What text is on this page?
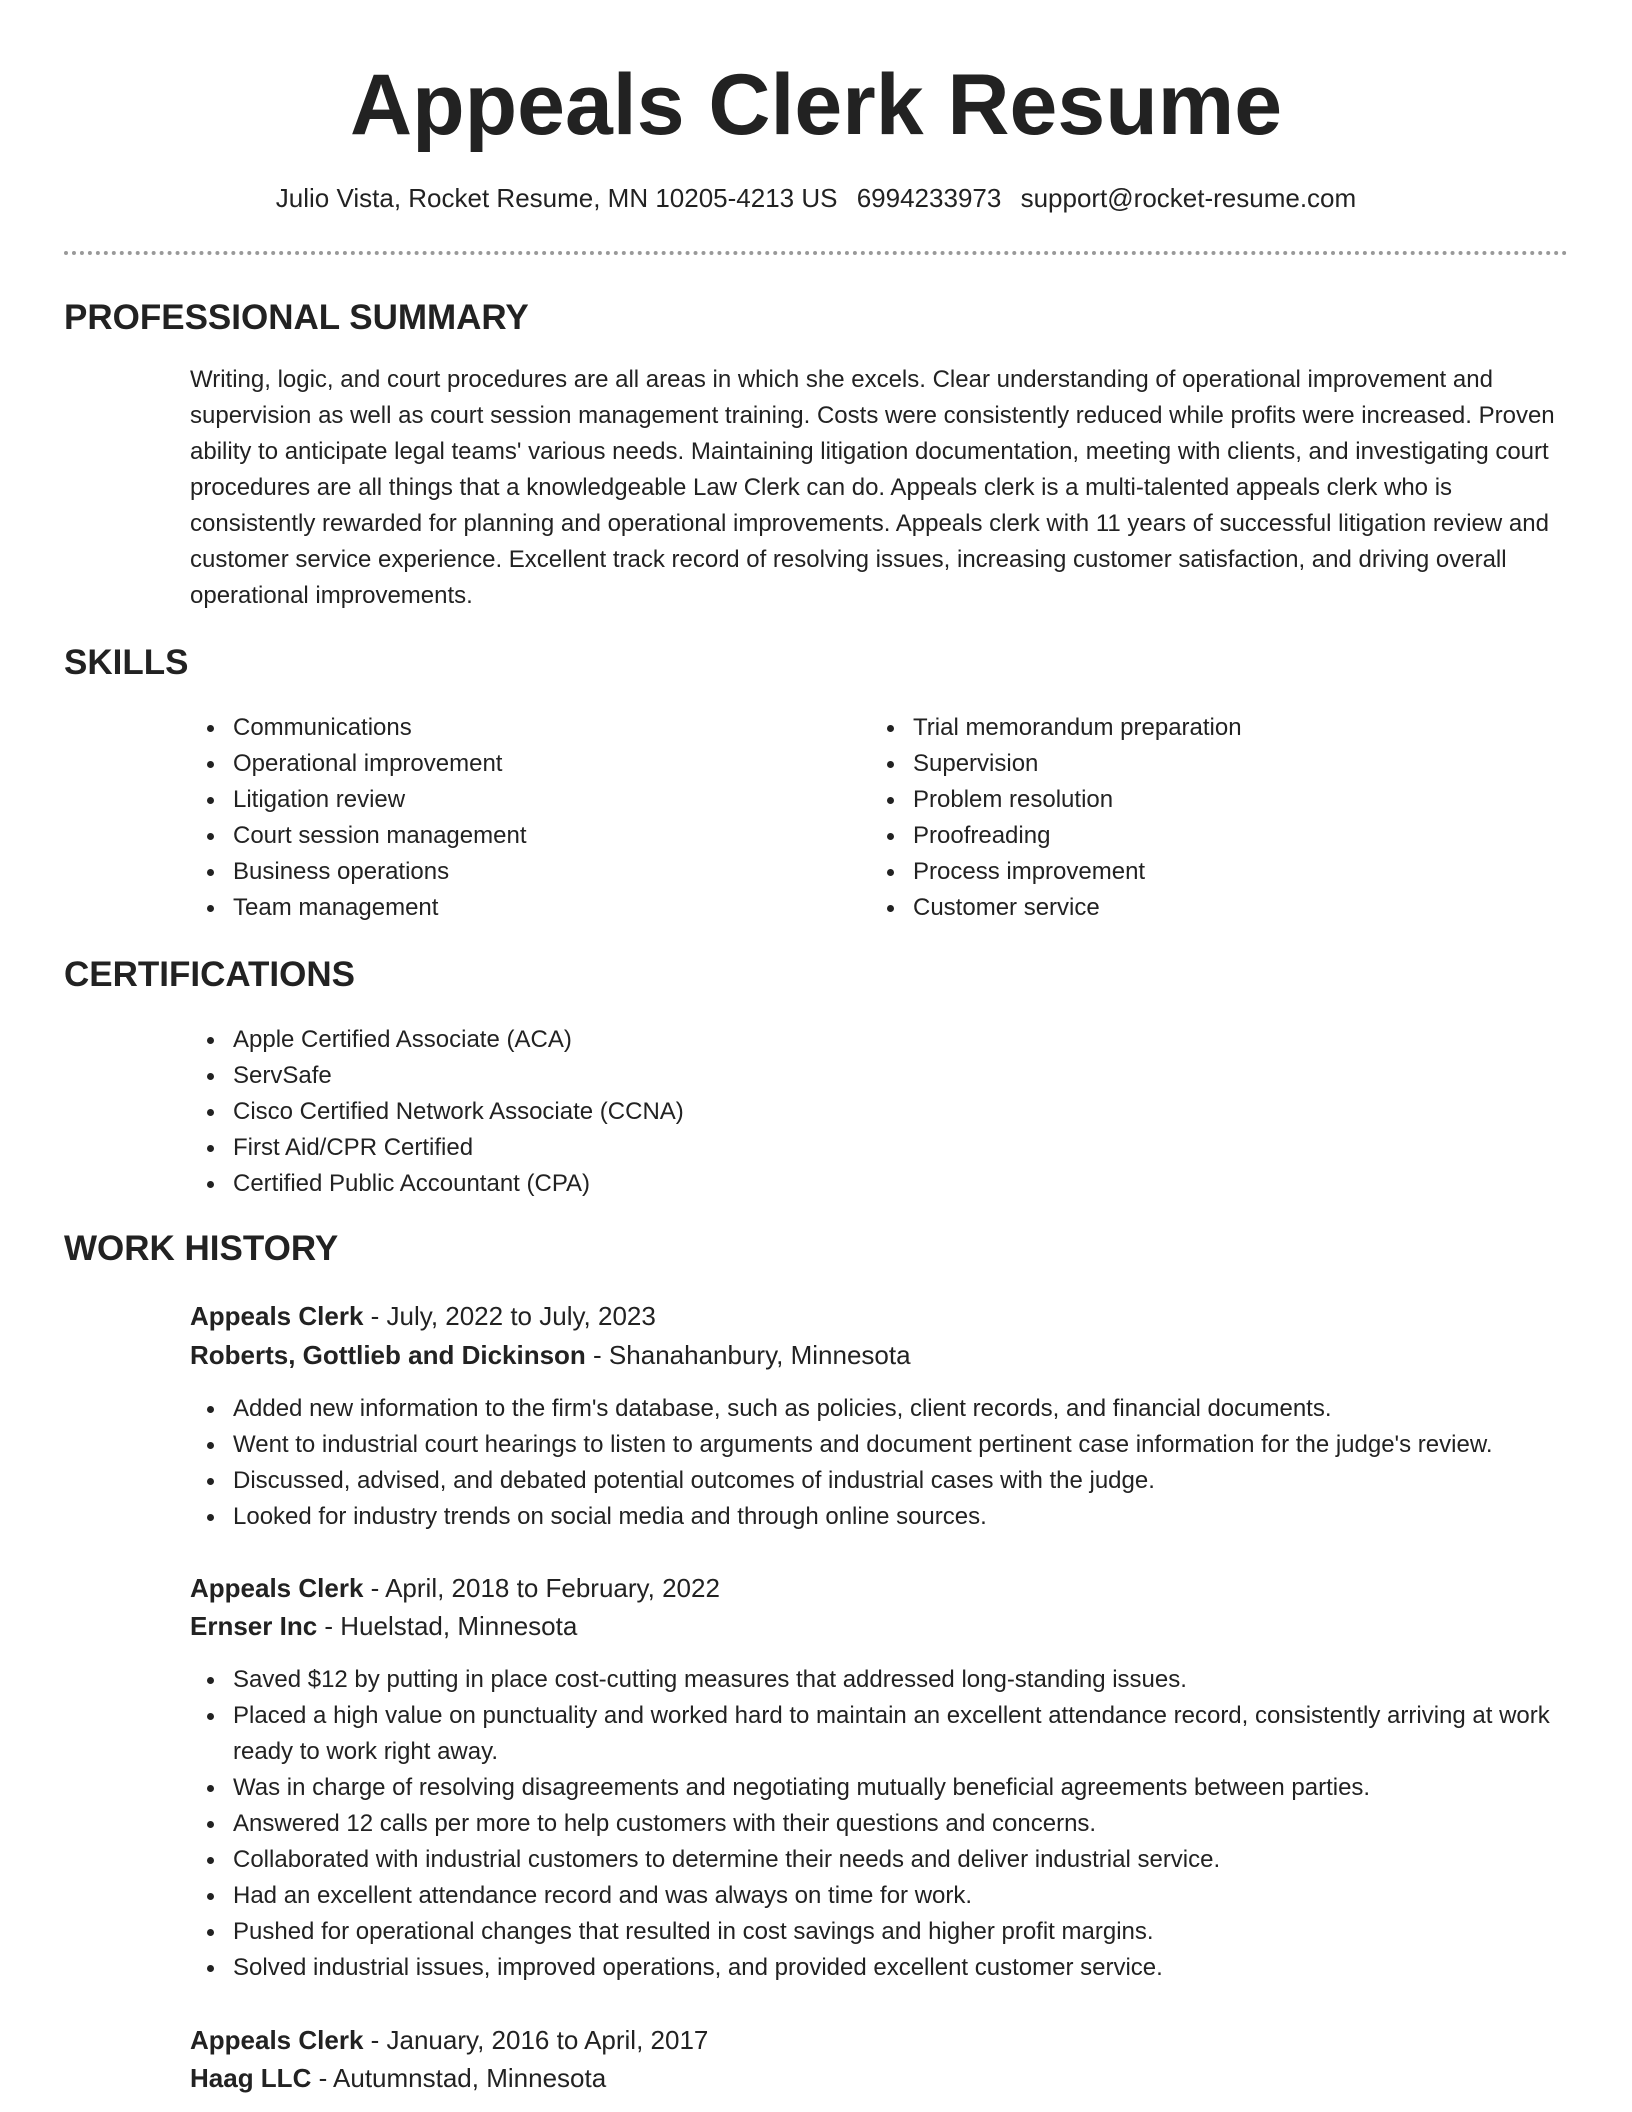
Appeals Clerk Resume
Julio Vista, Rocket Resume, MN 10205-4213 US 6994233973 support@rocket-resume.com
PROFESSIONAL SUMMARY

Writing, logic, and court procedures are all areas in which she excels. Clear understanding of operational improvement and supervision as well as court session management training. Costs were consistently reduced while profits were increased. Proven ability to anticipate legal teams' various needs. Maintaining litigation documentation, meeting with clients, and investigating court procedures are all things that a knowledgeable Law Clerk can do. Appeals clerk is a multi-talented appeals clerk who is consistently rewarded for planning and operational improvements. Appeals clerk with 11 years of successful litigation review and customer service experience. Excellent track record of resolving issues, increasing customer satisfaction, and driving overall operational improvements.

SKILLS
Communications
Operational improvement
Litigation review
Court session management
Business operations
Team management
Trial memorandum preparation
Supervision
Problem resolution
Proofreading
Process improvement
Customer service
CERTIFICATIONS
Apple Certified Associate (ACA)
ServSafe
Cisco Certified Network Associate (CCNA)
First Aid/CPR Certified
Certified Public Accountant (CPA)
WORK HISTORY
Appeals Clerk - July, 2022 to July, 2023
Roberts, Gottlieb and Dickinson - Shanahanbury, Minnesota
Added new information to the firm's database, such as policies, client records, and financial documents.
Went to industrial court hearings to listen to arguments and document pertinent case information for the judge's review.
Discussed, advised, and debated potential outcomes of industrial cases with the judge.
Looked for industry trends on social media and through online sources.
Appeals Clerk - April, 2018 to February, 2022
Ernser Inc - Huelstad, Minnesota
Saved $12 by putting in place cost-cutting measures that addressed long-standing issues.
Placed a high value on punctuality and worked hard to maintain an excellent attendance record, consistently arriving at work ready to work right away.
Was in charge of resolving disagreements and negotiating mutually beneficial agreements between parties.
Answered 12 calls per more to help customers with their questions and concerns.
Collaborated with industrial customers to determine their needs and deliver industrial service.
Had an excellent attendance record and was always on time for work.
Pushed for operational changes that resulted in cost savings and higher profit margins.
Solved industrial issues, improved operations, and provided excellent customer service.
Appeals Clerk - January, 2016 to April, 2017
Haag LLC - Autumnstad, Minnesota
